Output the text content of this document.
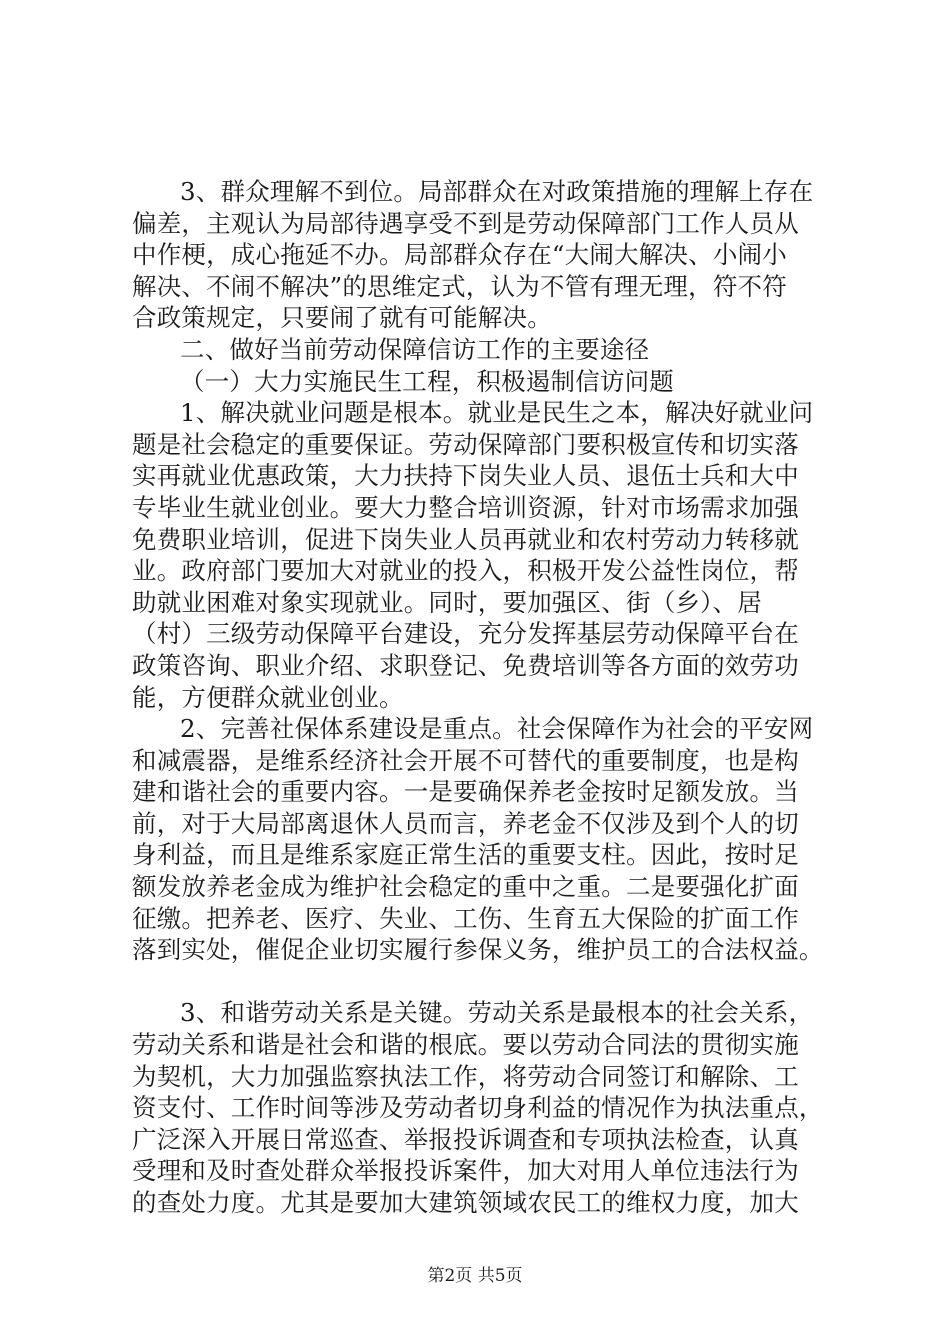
3、群众理解不到位。局部群众在对政策措施的理解上存在
偏差，主观认为局部待遇享受不到是劳动保障部门工作人员从
中作梗，成心拖延不办。局部群众存在“大闹大解决、小闹小
解决、不闹不解决”的思维定式，认为不管有理无理，符不符
合政策规定，只要闹了就有可能解决。
二、做好当前劳动保障信访工作的主要途径
（一）大力实施民生工程，积极遏制信访问题
1、解决就业问题是根本。就业是民生之本，解决好就业问
题是社会稳定的重要保证。劳动保障部门要积极宣传和切实落
实再就业优惠政策，大力扶持下岗失业人员、退伍士兵和大中
专毕业生就业创业。要大力整合培训资源，针对市场需求加强
免费职业培训，促进下岗失业人员再就业和农村劳动力转移就
业。政府部门要加大对就业的投入，积极开发公益性岗位，帮
助就业困难对象实现就业。同时，要加强区、街（乡）、居
（村）三级劳动保障平台建设，充分发挥基层劳动保障平台在
政策咨询、职业介绍、求职登记、免费培训等各方面的效劳功
能，方便群众就业创业。
2、完善社保体系建设是重点。社会保障作为社会的平安网
和减震器，是维系经济社会开展不可替代的重要制度，也是构
建和谐社会的重要内容。一是要确保养老金按时足额发放。当
前，对于大局部离退休人员而言，养老金不仅涉及到个人的切
身利益，而且是维系家庭正常生活的重要支柱。因此，按时足
额发放养老金成为维护社会稳定的重中之重。二是要强化扩面
征缴。把养老、医疗、失业、工伤、生育五大保险的扩面工作
落到实处，催促企业切实履行参保义务，维护员工的合法权益。
3、和谐劳动关系是关键。劳动关系是最根本的社会关系，
劳动关系和谐是社会和谐的根底。要以劳动合同法的贯彻实施
为契机，大力加强监察执法工作，将劳动合同签订和解除、工
资支付、工作时间等涉及劳动者切身利益的情况作为执法重点，
广泛深入开展日常巡查、举报投诉调查和专项执法检查，认真
受理和及时查处群众举报投诉案件，加大对用人单位违法行为
的查处力度。尤其是要加大建筑领域农民工的维权力度，加大
第2页 共5页
